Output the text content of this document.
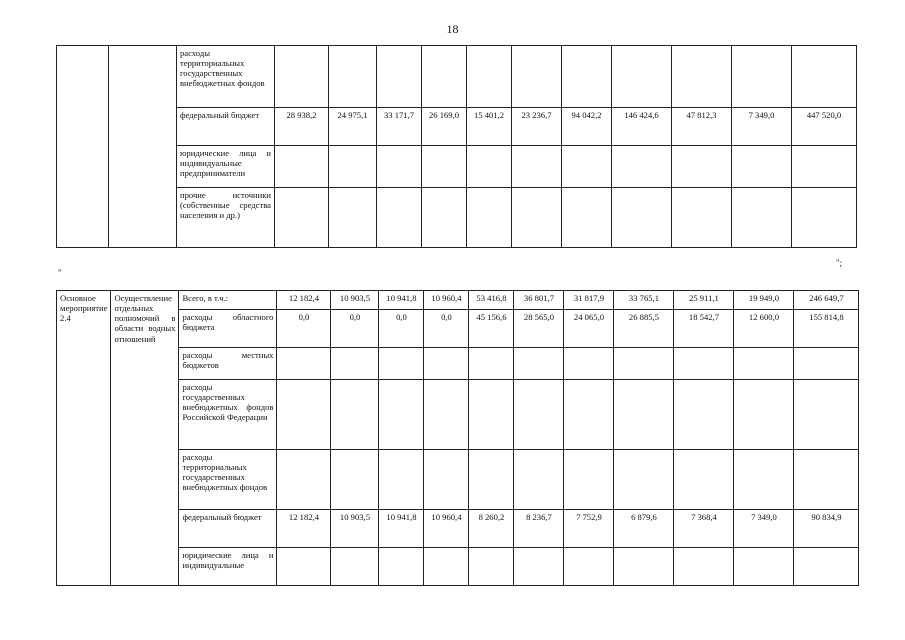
18
		расходы территориальных государственных внебюджетных фондов											
		федеральный бюджет	28 938,2	24 975,1	33 171,7	26 169,0	15 401,2	23 236,7	94 042,2	146 424,6	47 812,3	7 349,0	447 520,0
		юридические лица и индивидуальные предприниматели											
		прочие источники (собственные средства населения и др.)											
";
"
Основное мероприятие 2.4	Осуществление отдельных полномочий в области водных отношений	Всего, в т.ч.:	12 182,4	10 903,5	10 941,8	10 960,4	53 416,8	36 801,7	31 817,9	33 765,1	25 911,1	19 949,0	246 649,7
		расходы областного бюджета	0,0	0,0	0,0	0,0	45 156,6	28 565,0	24 065,0	26 885,5	18 542,7	12 600,0	155 814,8
		расходы местных бюджетов											
		расходы государственных внебюджетных фондов Российской Федерации											
		расходы территориальных государственных внебюджетных фондов											
		федеральный бюджет	12 182,4	10 903,5	10 941,8	10 960,4	8 260,2	8 236,7	7 752,9	6 879,6	7 368,4	7 349,0	90 834,9
		юридические лица и индивидуальные											
